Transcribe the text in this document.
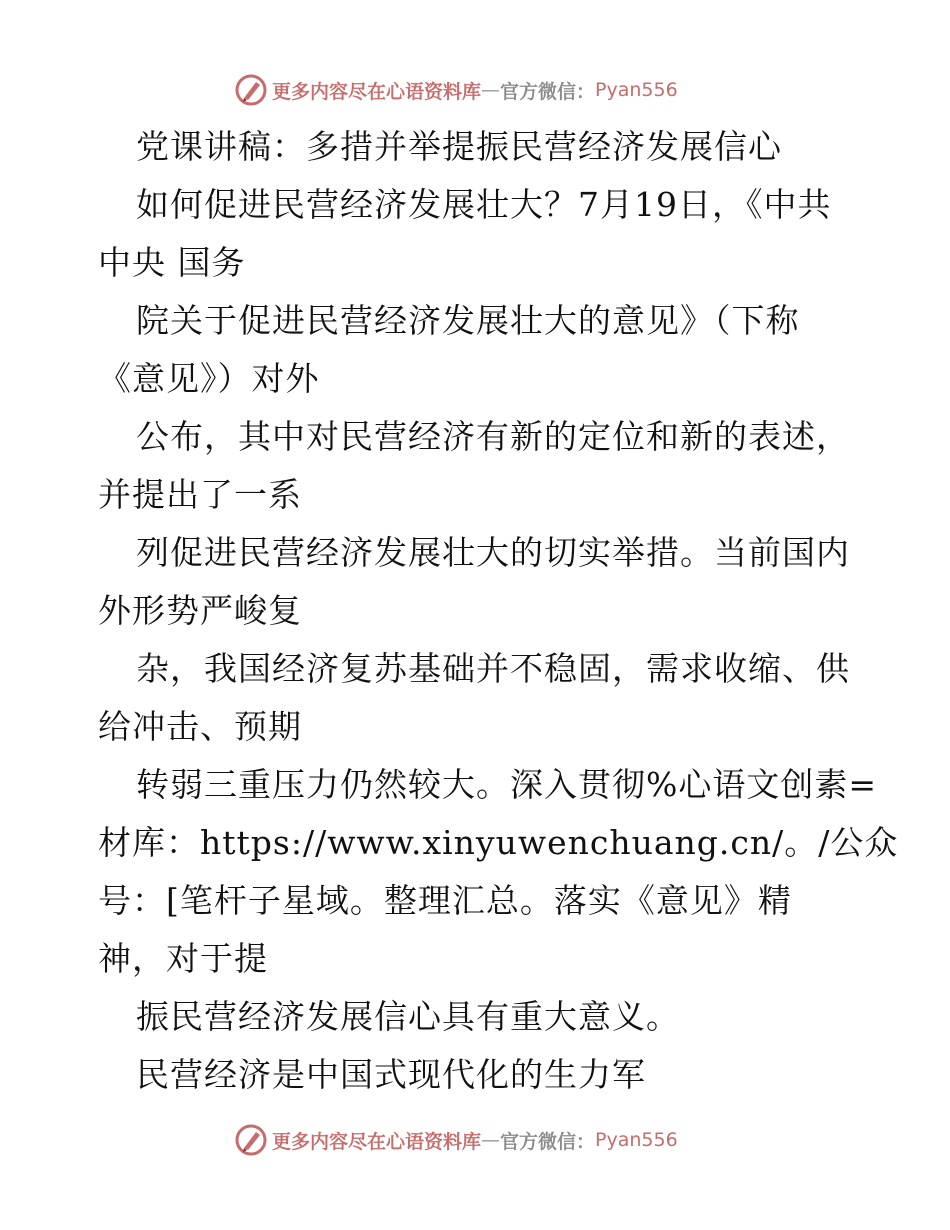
更多内容尽在心语资料库 — 官方微信： Pyan556
党课讲稿：多措并举提振民营经济发展信心
如何促进民营经济发展壮大？7月19日，《中共
中央 国务
院关于促进民营经济发展壮大的意见》（下称
《意见》）对外
公布，其中对民营经济有新的定位和新的表述，
并提出了一系
列促进民营经济发展壮大的切实举措。当前国内
外形势严峻复
杂，我国经济复苏基础并不稳固，需求收缩、供
给冲击、预期
转弱三重压力仍然较大。深入贯彻%心语文创素=
材库：https://www.xinyuwenchuang.cn/。/公众
号：[笔杆子星域。整理汇总。落实《意见》精
神，对于提
振民营经济发展信心具有重大意义。
民营经济是中国式现代化的生力军
更多内容尽在心语资料库 — 官方微信： Pyan556
